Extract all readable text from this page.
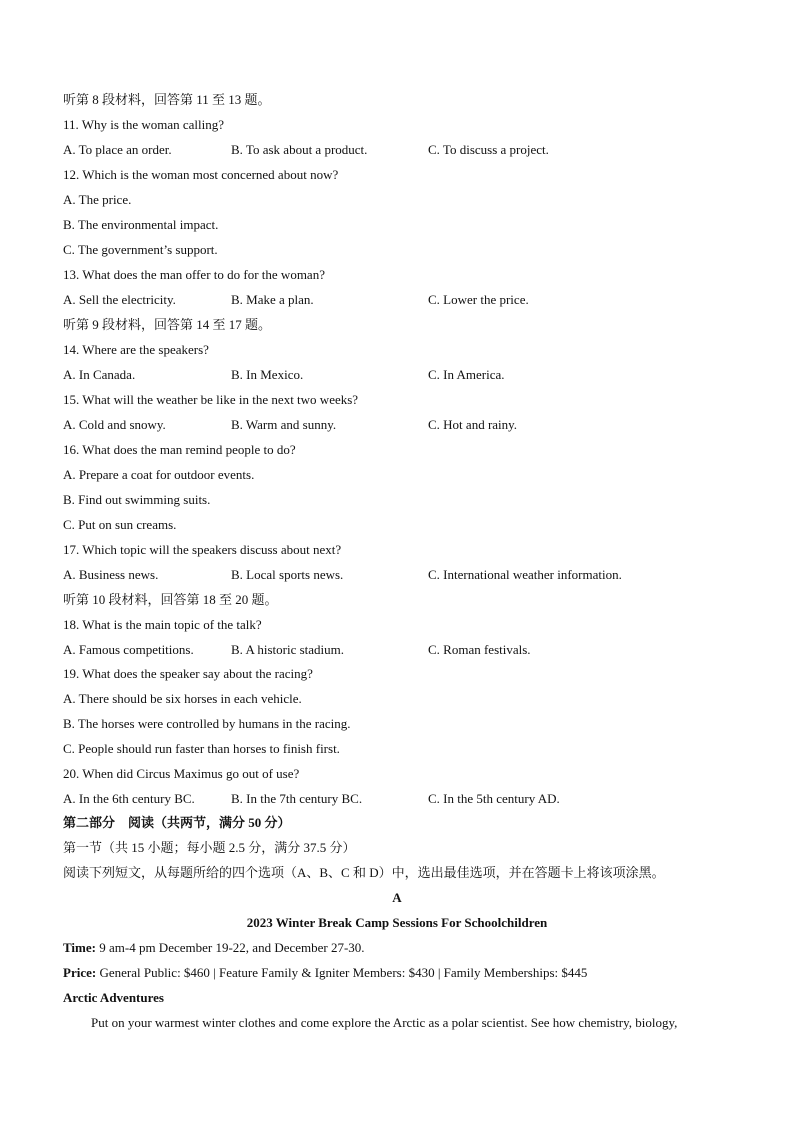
听第 8 段材料，回答第 11 至 13 题。
11. Why is the woman calling?
A. To place an order.	B. To ask about a product.	C. To discuss a project.
12. Which is the woman most concerned about now?
A. The price.
B. The environmental impact.
C. The government’s support.
13. What does the man offer to do for the woman?
A. Sell the electricity.	B. Make a plan.	C. Lower the price.
听第 9 段材料，回答第 14 至 17 题。
14. Where are the speakers?
A. In Canada.	B. In Mexico.	C. In America.
15. What will the weather be like in the next two weeks?
A. Cold and snowy.	B. Warm and sunny.	C. Hot and rainy.
16. What does the man remind people to do?
A. Prepare a coat for outdoor events.
B. Find out swimming suits.
C. Put on sun creams.
17. Which topic will the speakers discuss about next?
A. Business news.	B. Local sports news.	C. International weather information.
听第 10 段材料，回答第 18 至 20 题。
18. What is the main topic of the talk?
A. Famous competitions.	B. A historic stadium.	C. Roman festivals.
19. What does the speaker say about the racing?
A. There should be six horses in each vehicle.
B. The horses were controlled by humans in the racing.
C. People should run faster than horses to finish first.
20. When did Circus Maximus go out of use?
A. In the 6th century BC.	B. In the 7th century BC.	C. In the 5th century AD.
第二部分　阅读（共两节，满分 50 分）
第一节（共 15 小题；每小题 2.5 分，满分 37.5 分）
阅读下列短文，从每题所给的四个选项（A、B、C 和 D）中，选出最佳选项，并在答题卡上将该项涂黑。
A
2023 Winter Break Camp Sessions For Schoolchildren
Time: 9 am-4 pm December 19-22, and December 27-30.
Price: General Public: $460 | Feature Family & Igniter Members: $430 | Family Memberships: $445
Arctic Adventures
Put on your warmest winter clothes and come explore the Arctic as a polar scientist. See how chemistry, biology,
